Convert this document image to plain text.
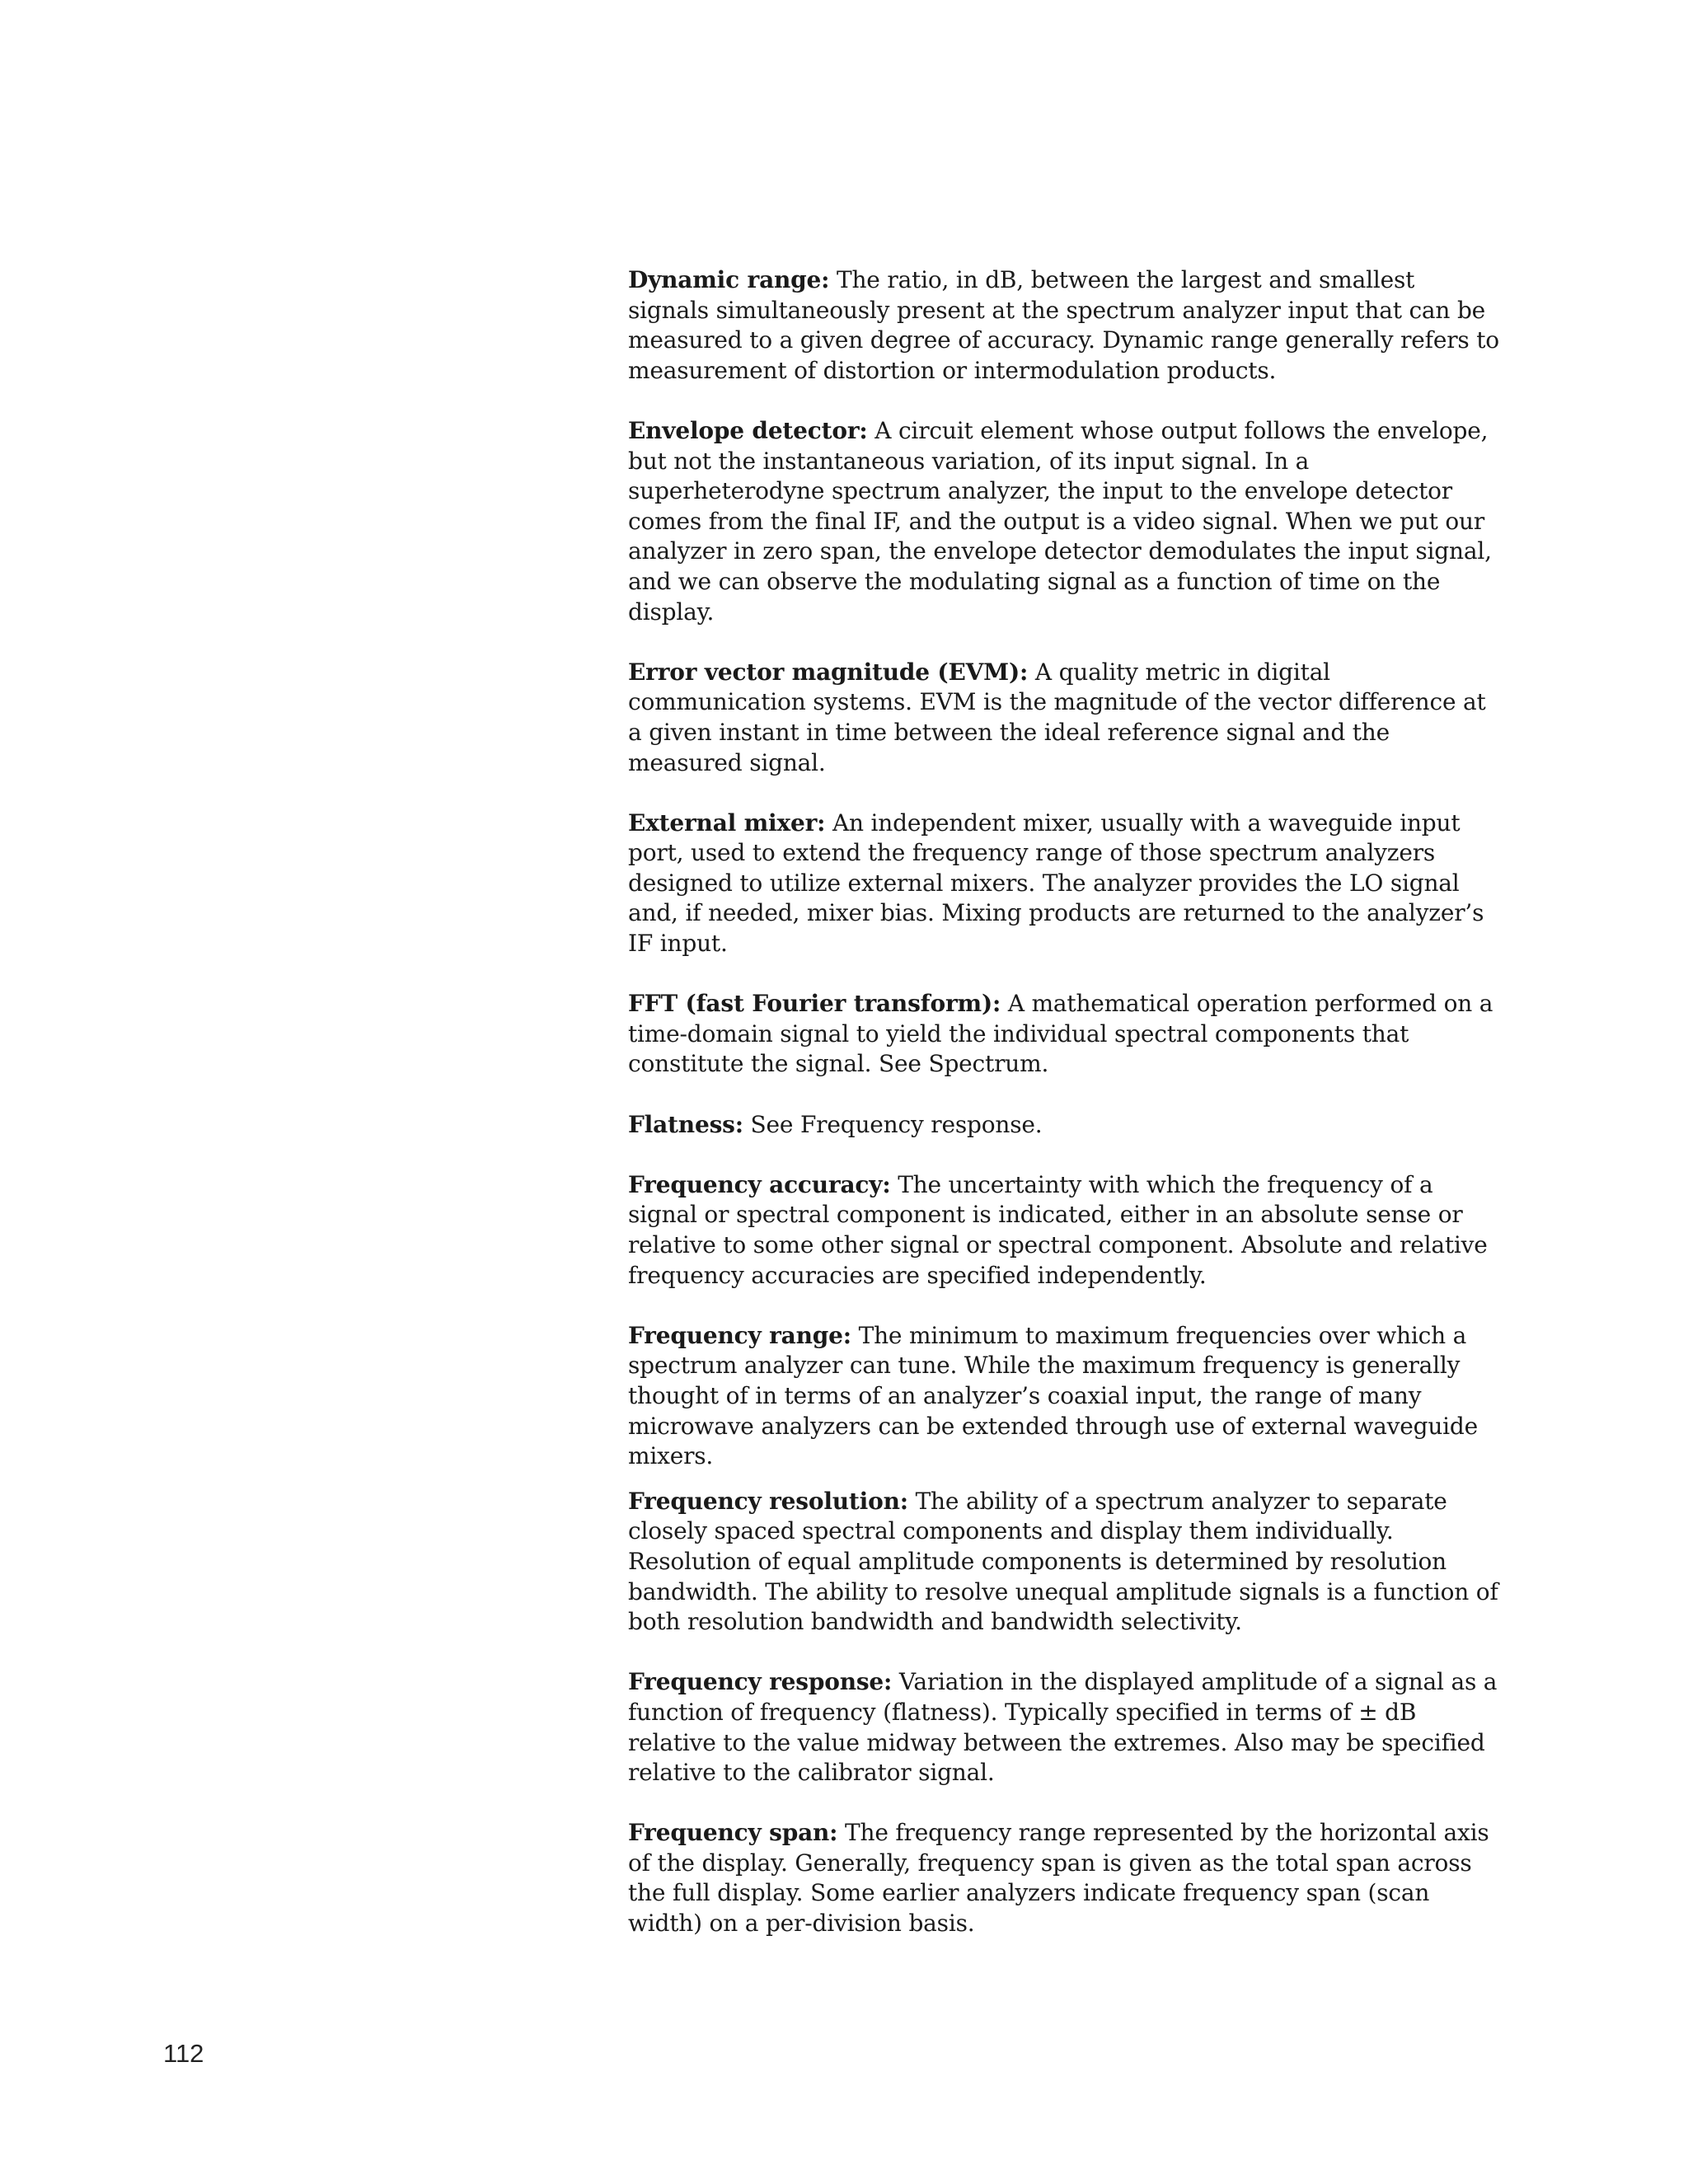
Dynamic range: The ratio, in dB, between the largest and smallest signals simultaneously present at the spectrum analyzer input that can be measured to a given degree of accuracy. Dynamic range generally refers to measurement of distortion or intermodulation products.

Envelope detector: A circuit element whose output follows the envelope, but not the instantaneous variation, of its input signal. In a superheterodyne spectrum analyzer, the input to the envelope detector comes from the final IF, and the output is a video signal. When we put our analyzer in zero span, the envelope detector demodulates the input signal, and we can observe the modulating signal as a function of time on the display.

Error vector magnitude (EVM): A quality metric in digital communication systems. EVM is the magnitude of the vector difference at a given instant in time between the ideal reference signal and the measured signal.

External mixer: An independent mixer, usually with a waveguide input port, used to extend the frequency range of those spectrum analyzers designed to utilize external mixers. The analyzer provides the LO signal and, if needed, mixer bias. Mixing products are returned to the analyzer’s IF input.

FFT (fast Fourier transform): A mathematical operation performed on a time-domain signal to yield the individual spectral components that constitute the signal. See Spectrum.

Flatness: See Frequency response.

Frequency accuracy: The uncertainty with which the frequency of a signal or spectral component is indicated, either in an absolute sense or relative to some other signal or spectral component. Absolute and relative frequency accuracies are specified independently.

Frequency range: The minimum to maximum frequencies over which a spectrum analyzer can tune. While the maximum frequency is generally thought of in terms of an analyzer’s coaxial input, the range of many microwave analyzers can be extended through use of external waveguide mixers.

Frequency resolution: The ability of a spectrum analyzer to separate closely spaced spectral components and display them individually. Resolution of equal amplitude components is determined by resolution bandwidth. The ability to resolve unequal amplitude signals is a function of both resolution bandwidth and bandwidth selectivity.

Frequency response: Variation in the displayed amplitude of a signal as a function of frequency (flatness). Typically specified in terms of ± dB relative to the value midway between the extremes. Also may be specified relative to the calibrator signal.

Frequency span: The frequency range represented by the horizontal axis of the display. Generally, frequency span is given as the total span across the full display. Some earlier analyzers indicate frequency span (scan width) on a per-division basis.

112
